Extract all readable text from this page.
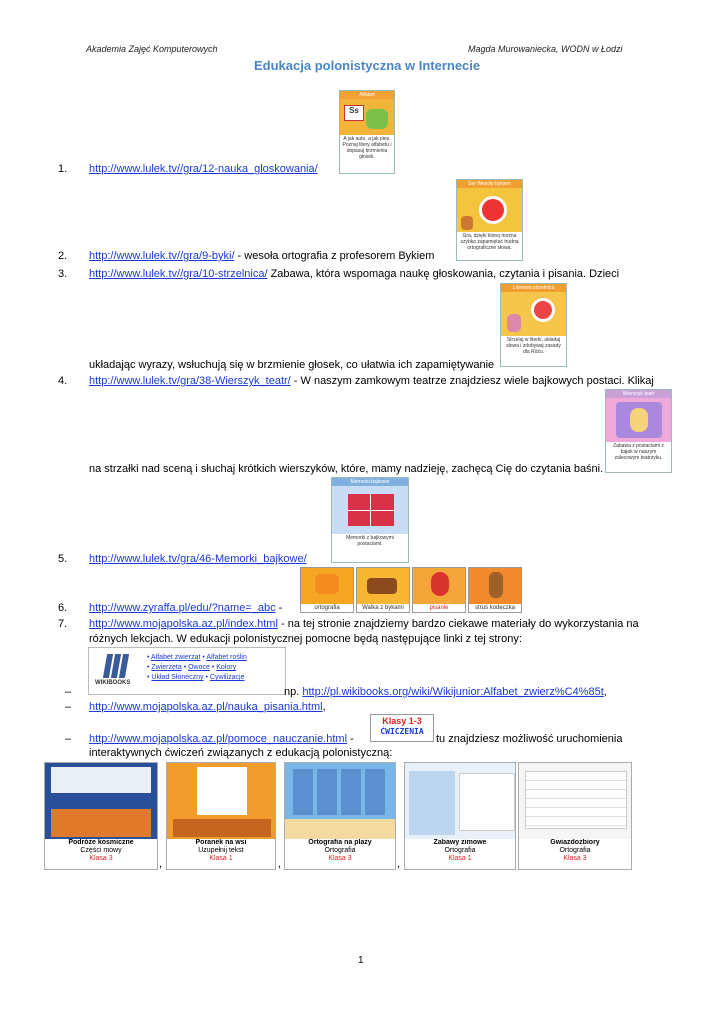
Akademia Zajęć Komputerowych	Magda Murowaniecka, WODN w Łodzi
Edukacja polonistyczna w Internecie
Alfabet
Ss
A jak auto, a jak pies. Poznaj litery alfabetu i dopasuj brzmienia głosek.
1. http://www.lulek.tv//gra/12-nauka_gloskowania/
Ser Wesoły bykiem
Gra, dzięki której można szybko zapamiętać trudną ortograficzne słowa.
2. http://www.lulek.tv//gra/9-byki/ - wesoła ortografia z profesorem Bykiem
3. http://www.lulek.tv//gra/10-strzelnica/ Zabawa, która wspomaga naukę głoskowania, czytania i pisania. Dzieci
Literowa strzelnica
Strzelaj w literki, układaj słowa i zdobywaj zasady dla Różu.
układając wyrazy, wsłuchują się w brzmienie głosek, co ułatwia ich zapamiętywanie
4. http://www.lulek.tv/gra/38-Wierszyk_teatr/ - W naszym zamkowym teatrze znajdziesz wiele bajkowych postaci. Klikaj
Wierszyk teatr
Zabawa z postaciami z bajek w naszym zalecowym teatrzyku.
na strzałki nad sceną i słuchaj krótkich wierszyków, które, mamy nadzieję, zachęcą Cię do czytania baśni.
Memorki bajkowe
Memorki z bajkowymi postaciami.
5. http://www.lulek.tv/gra/46-Memorki_bajkowe/
ortografia	Walka z bykami	pisanie	struś kodeczka
6. http://www.zyraffa.pl/edu/?name=_abc -
7. http://www.mojapolska.az.pl/index.html - na tej stronie znajdziemy bardzo ciekawe materiały do wykorzystania na
różnych lekcjach. W edukacji polonistycznej pomocne będą następujące linki z tej strony:
WIKIBOOKS
• Alfabet zwierząt • Alfabet roślin
• Zwierzęta • Owoce • Kolory
• Układ Słoneczny • Cywilizacje
–	np. http://pl.wikibooks.org/wiki/Wikijunior:Alfabet_zwierz%C4%85t,
– http://www.mojapolska.az.pl/nauka_pisania.html,
Klasy 1-3
ĆWICZENIA
– http://www.mojapolska.az.pl/pomoce_nauczanie.html -	tu znajdziesz możliwość uruchomienia
interaktywnych ćwiczeń związanych z edukacją polonistyczną:
Podróże kosmiczne
Części mowy
Klasa 3	,
Poranek na wsi
Uzupełnij tekst
Klasa 1	,
Ortografia na plaży
Ortografia
Klasa 3	,
Zabawy zimowe
Ortografia
Klasa 1
Gwiazdozbiory
Ortografia
Klasa 3
1
